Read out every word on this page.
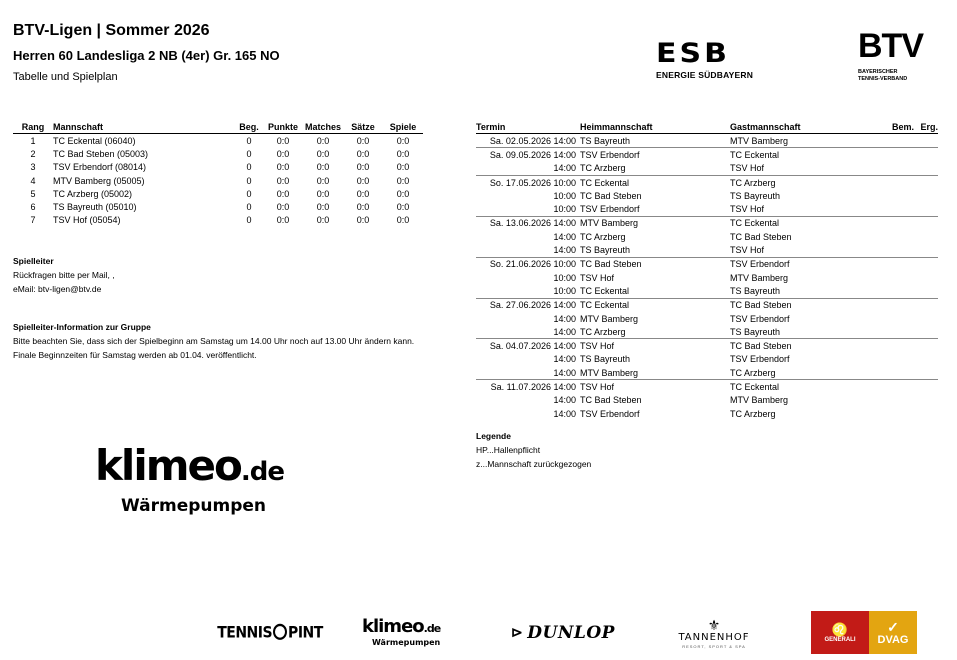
BTV-Ligen | Sommer 2026
Herren 60 Landesliga 2 NB (4er) Gr. 165 NO
Tabelle und Spielplan
ESB
ENERGIE SÜDBAYERN
BTV
BAYERISCHER
TENNIS-VERBAND
Rang	Mannschaft	Beg.	Punkte	Matches	Sätze	Spiele
1	TC Eckental (06040)	0	0:0	0:0	0:0	0:0
2	TC Bad Steben (05003)	0	0:0	0:0	0:0	0:0
3	TSV Erbendorf (08014)	0	0:0	0:0	0:0	0:0
4	MTV Bamberg (05005)	0	0:0	0:0	0:0	0:0
5	TC Arzberg (05002)	0	0:0	0:0	0:0	0:0
6	TS Bayreuth (05010)	0	0:0	0:0	0:0	0:0
7	TSV Hof (05054)	0	0:0	0:0	0:0	0:0
Spielleiter
Rückfragen bitte per Mail, ,
eMail: btv-ligen@btv.de
Spielleiter-Information zur Gruppe
Bitte beachten Sie, dass sich der Spielbeginn am Samstag um 14.00 Uhr noch auf 13.00 Uhr ändern kann.
Finale Beginnzeiten für Samstag werden ab 01.04. veröffentlicht.
Termin		Heimmannschaft	Gastmannschaft	Bem.	Erg.
Sa. 02.05.2026 14:00		TS Bayreuth	MTV Bamberg		
Sa. 09.05.2026 14:00		TSV Erbendorf	TC Eckental		
14:00		TC Arzberg	TSV Hof		
So. 17.05.2026 10:00		TC Eckental	TC Arzberg		
10:00		TC Bad Steben	TS Bayreuth		
10:00		TSV Erbendorf	TSV Hof		
Sa. 13.06.2026 14:00		MTV Bamberg	TC Eckental		
14:00		TC Arzberg	TC Bad Steben		
14:00		TS Bayreuth	TSV Hof		
So. 21.06.2026 10:00		TC Bad Steben	TSV Erbendorf		
10:00		TSV Hof	MTV Bamberg		
10:00		TC Eckental	TS Bayreuth		
Sa. 27.06.2026 14:00		TC Eckental	TC Bad Steben		
14:00		MTV Bamberg	TSV Erbendorf		
14:00		TC Arzberg	TS Bayreuth		
Sa. 04.07.2026 14:00		TSV Hof	TC Bad Steben		
14:00		TS Bayreuth	TSV Erbendorf		
14:00		MTV Bamberg	TC Arzberg		
Sa. 11.07.2026 14:00		TSV Hof	TC Eckental		
14:00		TC Bad Steben	MTV Bamberg		
14:00		TSV Erbendorf	TC Arzberg		
Legende
HP...Hallenpflicht
z...Mannschaft zurückgezogen
klimeo.de
Wärmepumpen
TENNIS P INT klimeo.de
Wärmepumpen
⊳ DUNLOP	⚜
TANNENHOF
RESORT, SPORT & SPA
♌
GENERALI
✓
DVAG
